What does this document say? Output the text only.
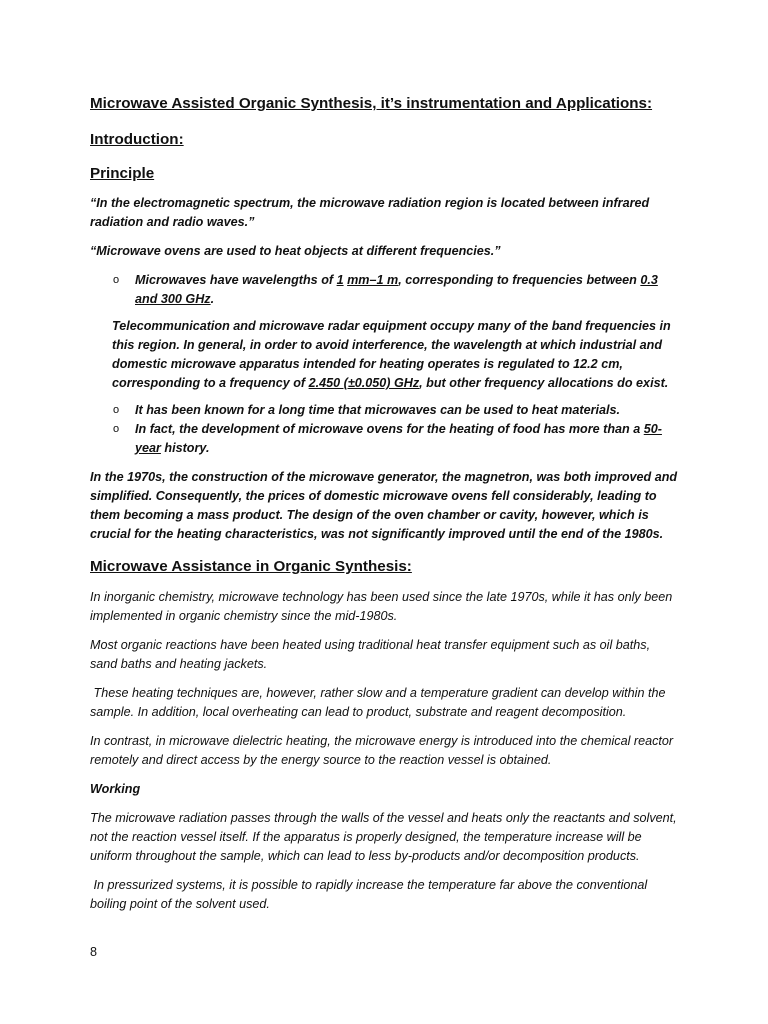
Microwave Assisted Organic Synthesis, it’s instrumentation and Applications:

Introduction:

Principle

“In the electromagnetic spectrum, the microwave radiation region is located between infrared radiation and radio waves.”

“Microwave ovens are used to heat objects at different frequencies.”

o Microwaves have wavelengths of 1 mm–1 m, corresponding to frequencies between 0.3 and 300 GHz.

Telecommunication and microwave radar equipment occupy many of the band frequencies in this region. In general, in order to avoid interference, the wavelength at which industrial and domestic microwave apparatus intended for heating operates is regulated to 12.2 cm, corresponding to a frequency of 2.450 (±0.050) GHz, but other frequency allocations do exist.

o It has been known for a long time that microwaves can be used to heat materials.
o In fact, the development of microwave ovens for the heating of food has more than a 50-year history.

In the 1970s, the construction of the microwave generator, the magnetron, was both improved and simplified. Consequently, the prices of domestic microwave ovens fell considerably, leading to them becoming a mass product. The design of the oven chamber or cavity, however, which is crucial for the heating characteristics, was not significantly improved until the end of the 1980s.

Microwave Assistance in Organic Synthesis:

In inorganic chemistry, microwave technology has been used since the late 1970s, while it has only been implemented in organic chemistry since the mid-1980s.

Most organic reactions have been heated using traditional heat transfer equipment such as oil baths, sand baths and heating jackets.

These heating techniques are, however, rather slow and a temperature gradient can develop within the sample. In addition, local overheating can lead to product, substrate and reagent decomposition.

In contrast, in microwave dielectric heating, the microwave energy is introduced into the chemical reactor remotely and direct access by the energy source to the reaction vessel is obtained.

Working

The microwave radiation passes through the walls of the vessel and heats only the reactants and solvent, not the reaction vessel itself. If the apparatus is properly designed, the temperature increase will be uniform throughout the sample, which can lead to less by-products and/or decomposition products.

In pressurized systems, it is possible to rapidly increase the temperature far above the conventional boiling point of the solvent used.

8
